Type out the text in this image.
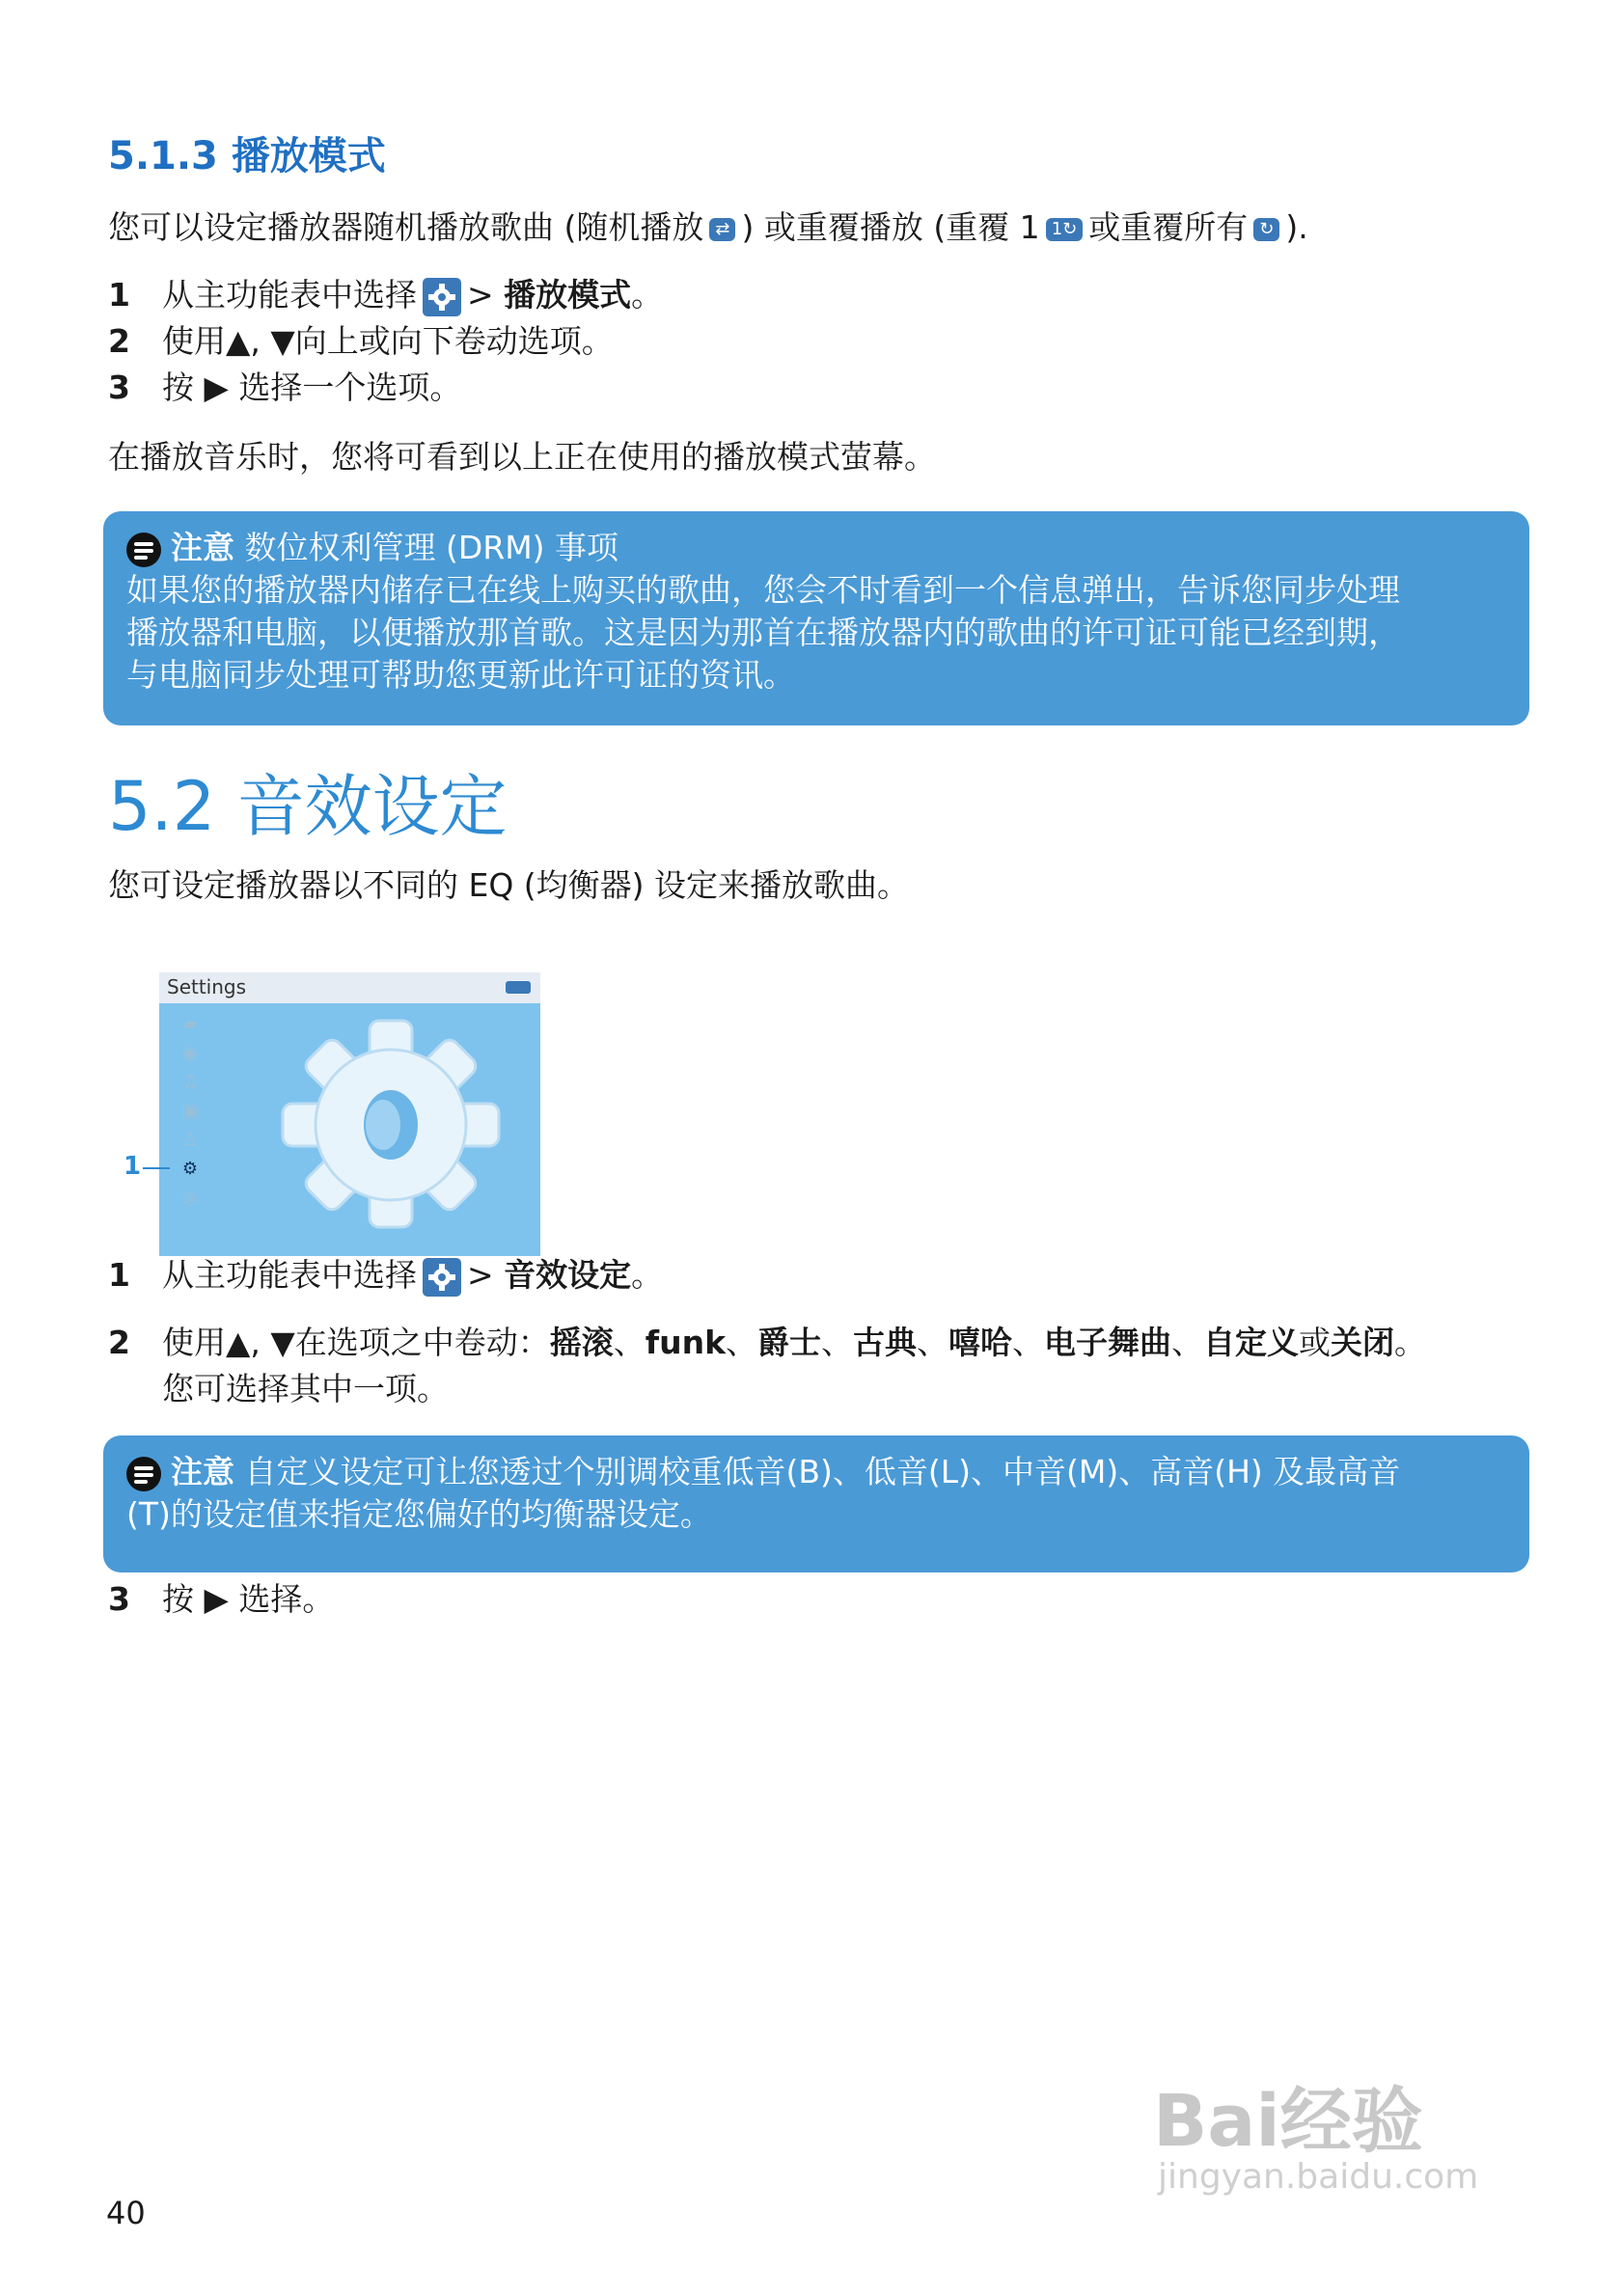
5.1.3 播放模式
您可以设定播放器随机播放歌曲 (随机播放 ⇄ ) 或重覆播放 (重覆 1 1↻ 或重覆所有 ↻ ).
1 从主功能表中选择 > 播放模式。
2 使用▲, ▼向上或向下卷动选项。
3 按 ▶ 选择一个选项。
在播放音乐时，您将可看到以上正在使用的播放模式萤幕。
注意 数位权利管理 (DRM) 事项
如果您的播放器内储存已在线上购买的歌曲，您会不时看到一个信息弹出，告诉您同步处理
播放器和电脑，以便播放那首歌。这是因为那首在播放器内的歌曲的许可证可能已经到期，
与电脑同步处理可帮助您更新此许可证的资讯。
5.2 音效设定
您可设定播放器以不同的 EQ (均衡器) 设定来播放歌曲。
Settings
▰
◉
♫
▣
♙
⚙
◎
1
1 从主功能表中选择 > 音效设定。
2 使用▲, ▼在选项之中卷动：摇滚、funk、爵士、古典、嘻哈、电子舞曲、自定义或关闭。
您可选择其中一项。
注意 自定义设定可让您透过个别调校重低音(B)、低音(L)、中音(M)、高音(H) 及最高音
(T)的设定值来指定您偏好的均衡器设定。
3 按 ▶ 选择。
40
Bai经验
jingyan.baidu.com
